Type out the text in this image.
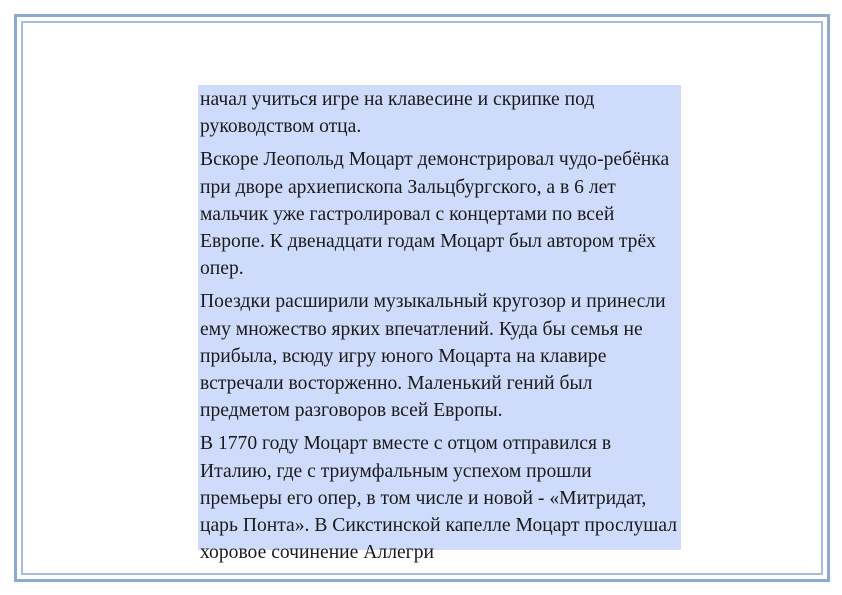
начал учиться игре на клавесине и скрипке под руководством отца.

Вскоре Леопольд Моцарт демонстрировал чудо-ребёнка при дворе архиепископа Зальцбургского, а в 6 лет мальчик уже гастролировал с концертами по всей Европе. К двенадцати годам Моцарт был автором трёх опер.

Поездки расширили музыкальный кругозор и принесли ему множество ярких впечатлений. Куда бы семья не прибыла, всюду игру юного Моцарта на клавире встречали восторженно. Маленький гений был предметом разговоров всей Европы.

В 1770 году Моцарт вместе с отцом отправился в Италию, где с триумфальным успехом прошли премьеры его опер, в том числе и новой - «Митридат, царь Понта». В Сикстинской капелле Моцарт прослушал хоровое сочинение Аллегри
